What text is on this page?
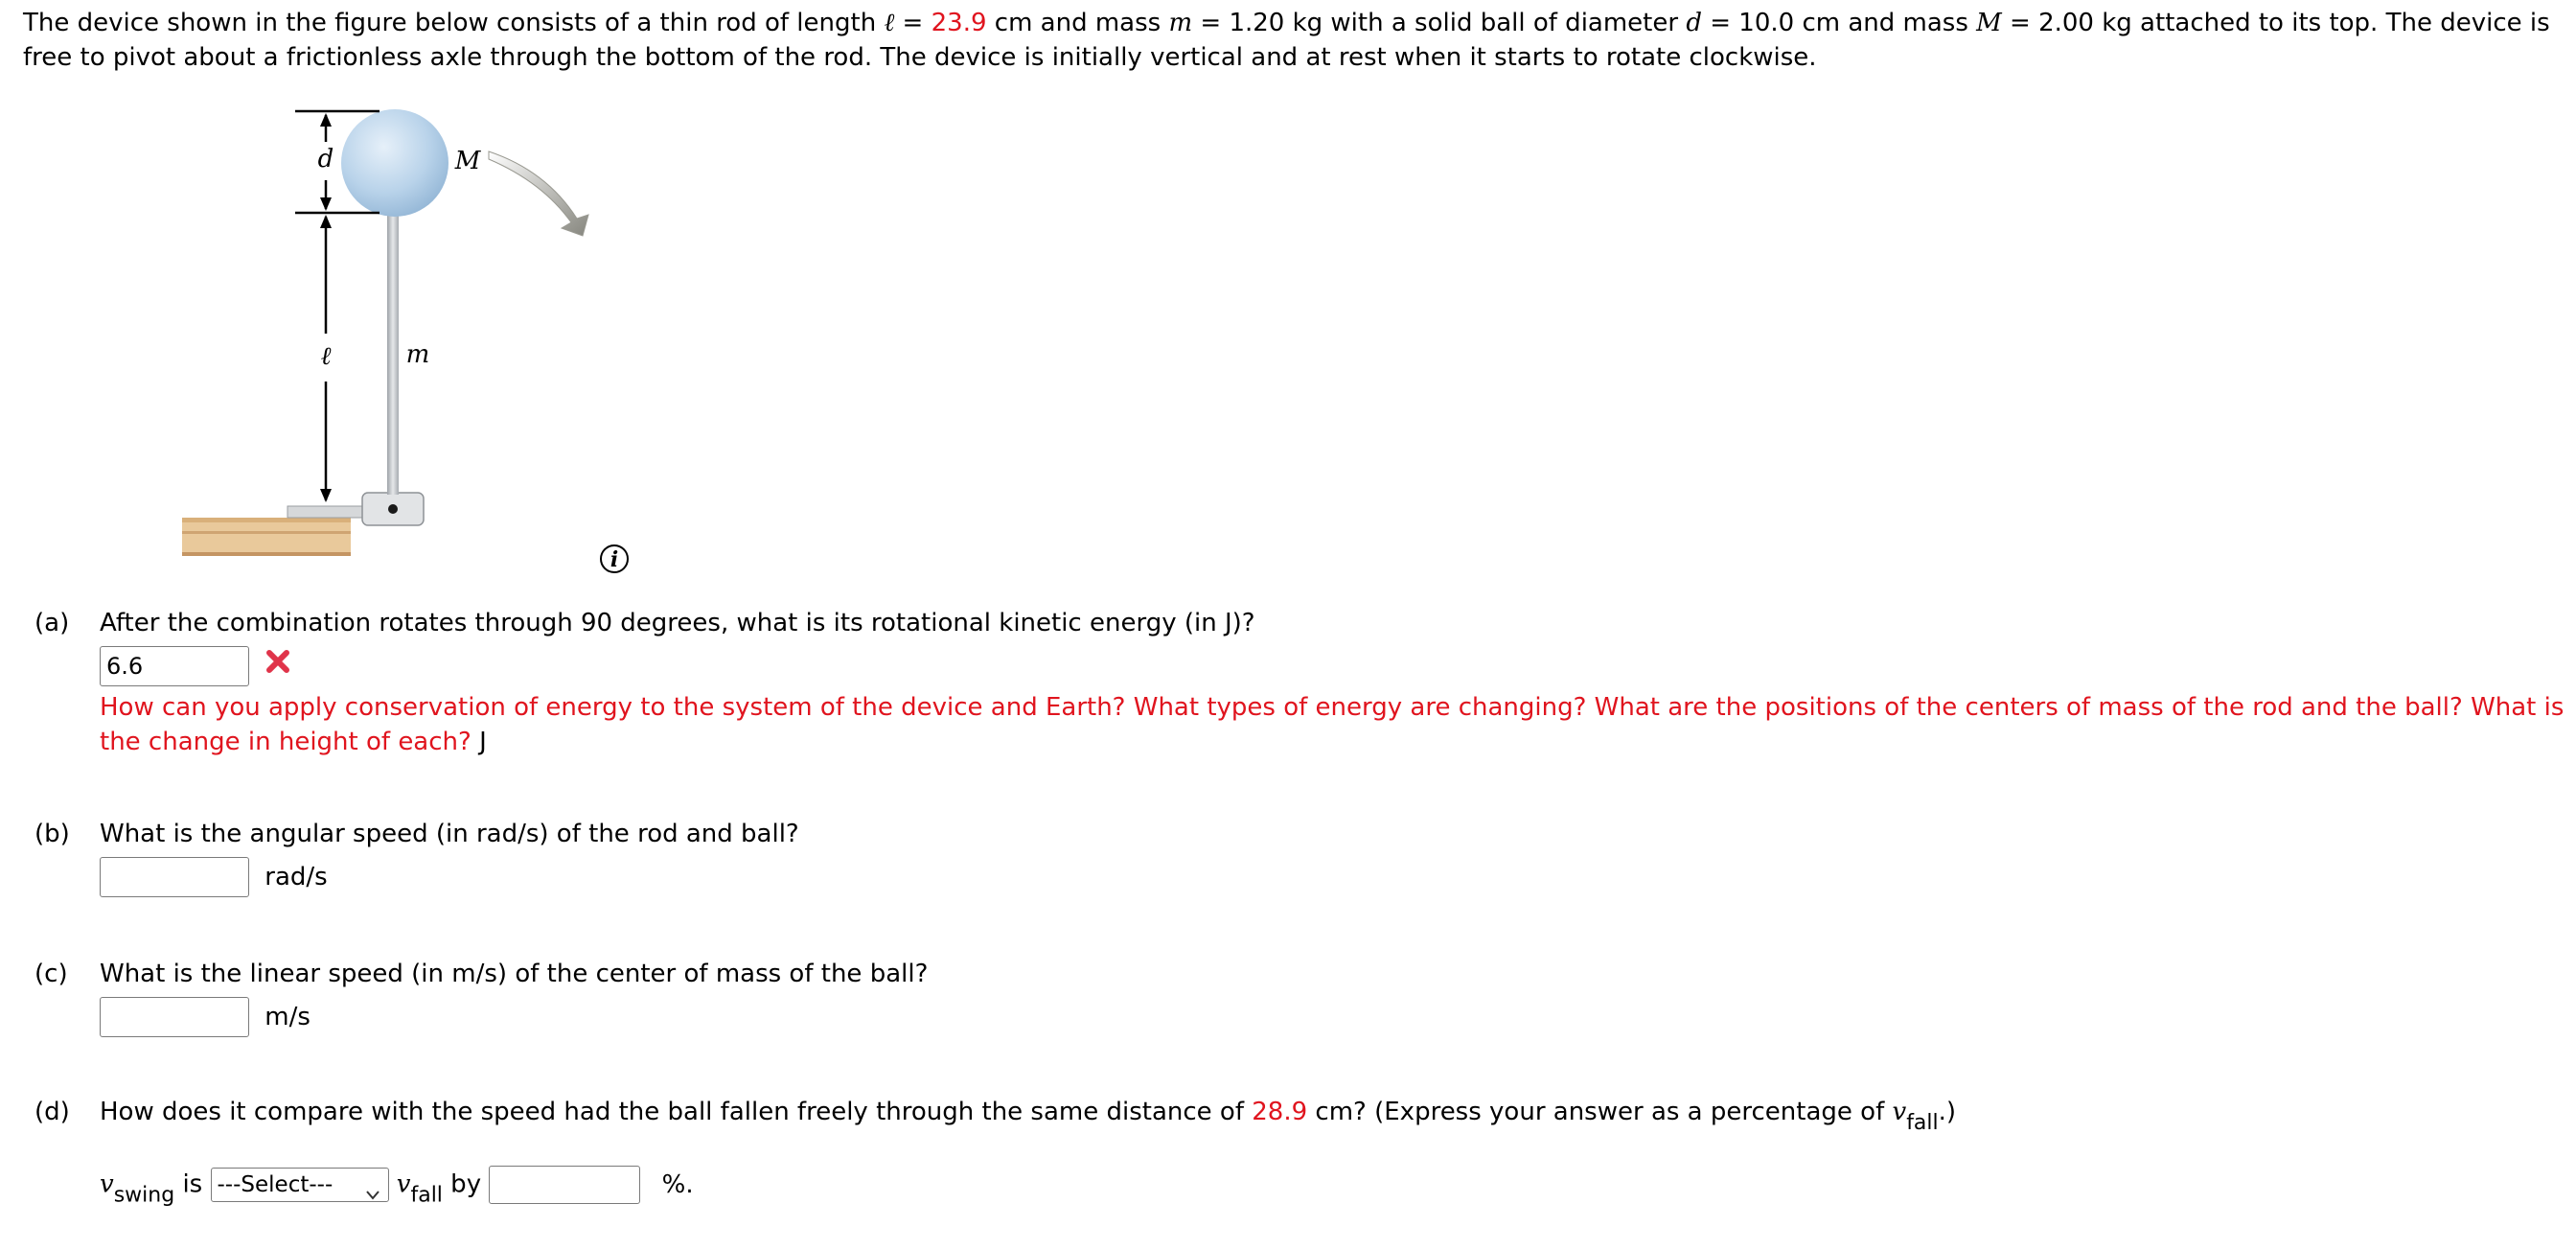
The device shown in the figure below consists of a thin rod of length ℓ = 23.9 cm and mass m = 1.20 kg with a solid ball of diameter d = 10.0 cm and mass M = 2.00 kg attached to its top. The device is free to pivot about a frictionless axle through the bottom of the rod. The device is initially vertical and at rest when it starts to rotate clockwise.
d	M
ℓ	m
i
(a)	After the combination rotates through 90 degrees, what is its rotational kinetic energy (in J)?
6.6
How can you apply conservation of energy to the system of the device and Earth? What types of energy are changing? What are the positions of the centers of mass of the rod and the ball? What is the change in height of each? J
(b)	What is the angular speed (in rad/s) of the rod and ball?
rad/s
(c)	What is the linear speed (in m/s) of the center of mass of the ball?
m/s
(d)	How does it compare with the speed had the ball fallen freely through the same distance of 28.9 cm? (Express your answer as a percentage of $v_{fall}$.)
$v_{swing}$ is ---Select---	$v_{fall}$ by	%.
